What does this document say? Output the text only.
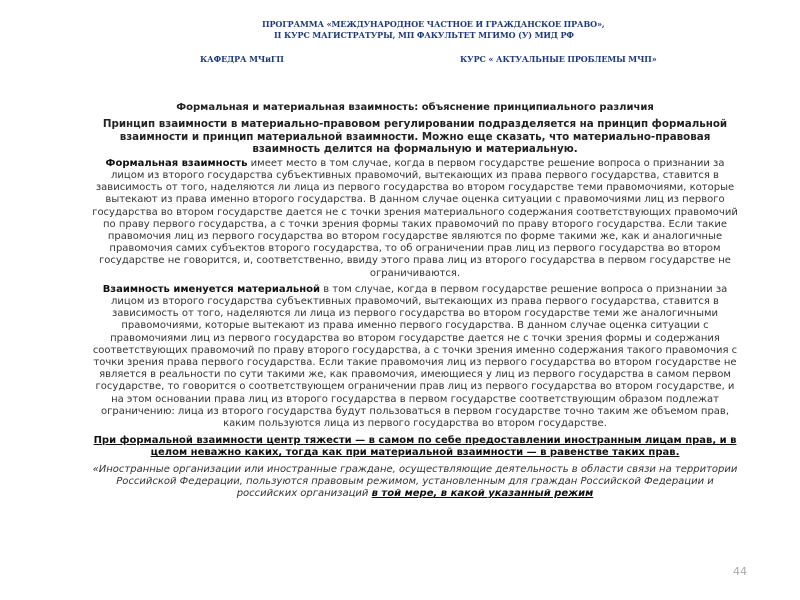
ПРОГРАММА «МЕЖДУНАРОДНОЕ ЧАСТНОЕ И ГРАЖДАНСКОЕ ПРАВО»,
II КУРС МАГИСТРАТУРЫ, МП ФАКУЛЬТЕТ МГИМО (У) МИД РФ
КАФЕДРА МЧиГП	КУРС « АКТУАЛЬНЫЕ ПРОБЛЕМЫ МЧП»

Формальная и материальная взаимность: объяснение принципиального различия

Принцип взаимности в материально-правовом регулировании подразделяется на принцип формальной взаимности и принцип материальной взаимности. Можно еще сказать, что материально-правовая взаимность делится на формальную и материальную.

Формальная взаимность имеет место в том случае, когда в первом государстве решение вопроса о признании за лицом из второго государства субъективных правомочий, вытекающих из права первого государства, ставится в зависимость от того, наделяются ли лица из первого государства во втором государстве теми правомочиями, которые вытекают из права именно второго государства. В данном случае оценка ситуации с правомочиями лиц из первого государства во втором государстве дается не с точки зрения материального содержания соответствующих правомочий по праву первого государства, а с точки зрения формы таких правомочий по праву второго государства. Если такие правомочия лиц из первого государства во втором государстве являются по форме такими же, как и аналогичные правомочия самих субъектов второго государства, то об ограничении прав лиц из первого государства во втором государстве не говорится, и, соответственно, ввиду этого права лиц из второго государства в первом государстве не ограничиваются.

Взаимность именуется материальной в том случае, когда в первом государстве решение вопроса о признании за лицом из второго государства субъективных правомочий, вытекающих из права первого государства, ставится в зависимость от того, наделяются ли лица из первого государства во втором государстве теми же аналогичными правомочиями, которые вытекают из права именно первого государства. В данном случае оценка ситуации с правомочиями лиц из первого государства во втором государстве дается не с точки зрения формы и содержания соответствующих правомочий по праву второго государства, а с точки зрения именно содержания такого правомочия с точки зрения права первого государства. Если такие правомочия лиц из первого государства во втором государстве не является в реальности по сути такими же, как правомочия, имеющиеся у лиц из первого государства в самом первом государстве, то говорится о соответствующем ограничении прав лиц из первого государства во втором государстве, и на этом основании права лиц из второго государства в первом государстве соответствующим образом подлежат ограничению: лица из второго государства будут пользоваться в первом государстве точно таким же объемом прав, каким пользуются лица из первого государства во втором государстве.

При формальной взаимности центр тяжести — в самом по себе предоставлении иностранным лицам прав, и в целом неважно каких, тогда как при материальной взаимности — в равенстве таких прав.

«Иностранные организации или иностранные граждане, осуществляющие деятельность в области связи на территории Российской Федерации, пользуются правовым режимом, установленным для граждан Российской Федерации и российских организаций в той мере, в какой указанный режим

44
